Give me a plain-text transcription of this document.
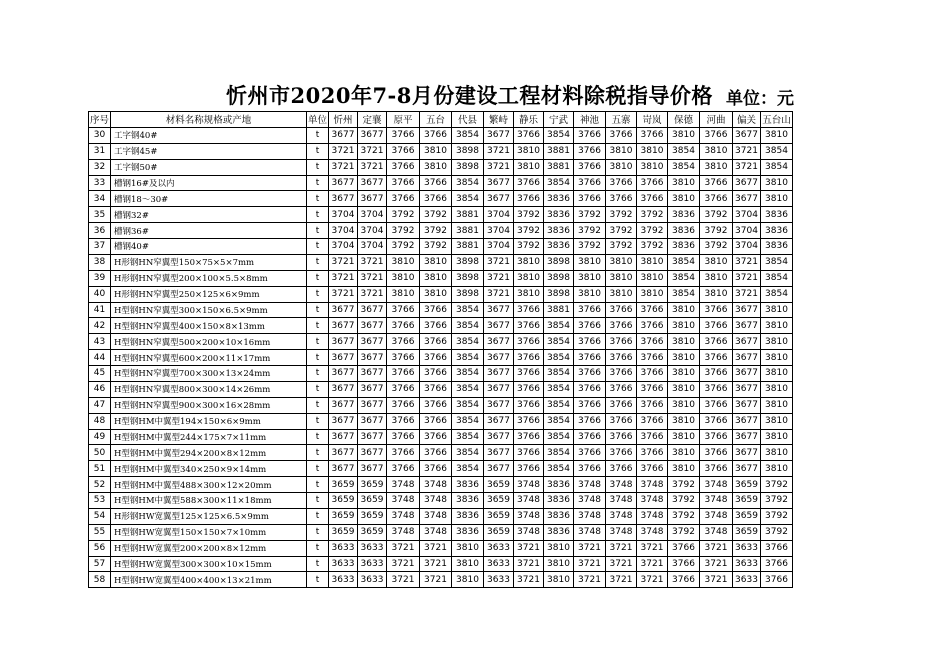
忻州市2020年7-8月份建设工程材料除税指导价格 单位：元
序号	材料名称规格或产地	单位	忻州	定襄	原平	五台	代县	繁峙	静乐	宁武	神池	五寨	岢岚	保德	河曲	偏关	五台山
30	工字钢40#	t	3677	3677	3766	3766	3854	3677	3766	3854	3766	3766	3766	3810	3766	3677	3810
31	工字钢45#	t	3721	3721	3766	3810	3898	3721	3810	3881	3766	3810	3810	3854	3810	3721	3854
32	工字钢50#	t	3721	3721	3766	3810	3898	3721	3810	3881	3766	3810	3810	3854	3810	3721	3854
33	槽钢16#及以内	t	3677	3677	3766	3766	3854	3677	3766	3854	3766	3766	3766	3810	3766	3677	3810
34	槽钢18～30#	t	3677	3677	3766	3766	3854	3677	3766	3836	3766	3766	3766	3810	3766	3677	3810
35	槽钢32#	t	3704	3704	3792	3792	3881	3704	3792	3836	3792	3792	3792	3836	3792	3704	3836
36	槽钢36#	t	3704	3704	3792	3792	3881	3704	3792	3836	3792	3792	3792	3836	3792	3704	3836
37	槽钢40#	t	3704	3704	3792	3792	3881	3704	3792	3836	3792	3792	3792	3836	3792	3704	3836
38	H形钢HN窄翼型150×75×5×7mm	t	3721	3721	3810	3810	3898	3721	3810	3898	3810	3810	3810	3854	3810	3721	3854
39	H形钢HN窄翼型200×100×5.5×8mm	t	3721	3721	3810	3810	3898	3721	3810	3898	3810	3810	3810	3854	3810	3721	3854
40	H形钢HN窄翼型250×125×6×9mm	t	3721	3721	3810	3810	3898	3721	3810	3898	3810	3810	3810	3854	3810	3721	3854
41	H型钢HN窄翼型300×150×6.5×9mm	t	3677	3677	3766	3766	3854	3677	3766	3881	3766	3766	3766	3810	3766	3677	3810
42	H型钢HN窄翼型400×150×8×13mm	t	3677	3677	3766	3766	3854	3677	3766	3854	3766	3766	3766	3810	3766	3677	3810
43	H型钢HN窄翼型500×200×10×16mm	t	3677	3677	3766	3766	3854	3677	3766	3854	3766	3766	3766	3810	3766	3677	3810
44	H型钢HN窄翼型600×200×11×17mm	t	3677	3677	3766	3766	3854	3677	3766	3854	3766	3766	3766	3810	3766	3677	3810
45	H型钢HN窄翼型700×300×13×24mm	t	3677	3677	3766	3766	3854	3677	3766	3854	3766	3766	3766	3810	3766	3677	3810
46	H型钢HN窄翼型800×300×14×26mm	t	3677	3677	3766	3766	3854	3677	3766	3854	3766	3766	3766	3810	3766	3677	3810
47	H型钢HN窄翼型900×300×16×28mm	t	3677	3677	3766	3766	3854	3677	3766	3854	3766	3766	3766	3810	3766	3677	3810
48	H型钢HM中翼型194×150×6×9mm	t	3677	3677	3766	3766	3854	3677	3766	3854	3766	3766	3766	3810	3766	3677	3810
49	H型钢HM中翼型244×175×7×11mm	t	3677	3677	3766	3766	3854	3677	3766	3854	3766	3766	3766	3810	3766	3677	3810
50	H型钢HM中翼型294×200×8×12mm	t	3677	3677	3766	3766	3854	3677	3766	3854	3766	3766	3766	3810	3766	3677	3810
51	H型钢HM中翼型340×250×9×14mm	t	3677	3677	3766	3766	3854	3677	3766	3854	3766	3766	3766	3810	3766	3677	3810
52	H型钢HM中翼型488×300×12×20mm	t	3659	3659	3748	3748	3836	3659	3748	3836	3748	3748	3748	3792	3748	3659	3792
53	H型钢HM中翼型588×300×11×18mm	t	3659	3659	3748	3748	3836	3659	3748	3836	3748	3748	3748	3792	3748	3659	3792
54	H形钢HW宽翼型125×125×6.5×9mm	t	3659	3659	3748	3748	3836	3659	3748	3836	3748	3748	3748	3792	3748	3659	3792
55	H型钢HW宽翼型150×150×7×10mm	t	3659	3659	3748	3748	3836	3659	3748	3836	3748	3748	3748	3792	3748	3659	3792
56	H型钢HW宽翼型200×200×8×12mm	t	3633	3633	3721	3721	3810	3633	3721	3810	3721	3721	3721	3766	3721	3633	3766
57	H型钢HW宽翼型300×300×10×15mm	t	3633	3633	3721	3721	3810	3633	3721	3810	3721	3721	3721	3766	3721	3633	3766
58	H型钢HW宽翼型400×400×13×21mm	t	3633	3633	3721	3721	3810	3633	3721	3810	3721	3721	3721	3766	3721	3633	3766
